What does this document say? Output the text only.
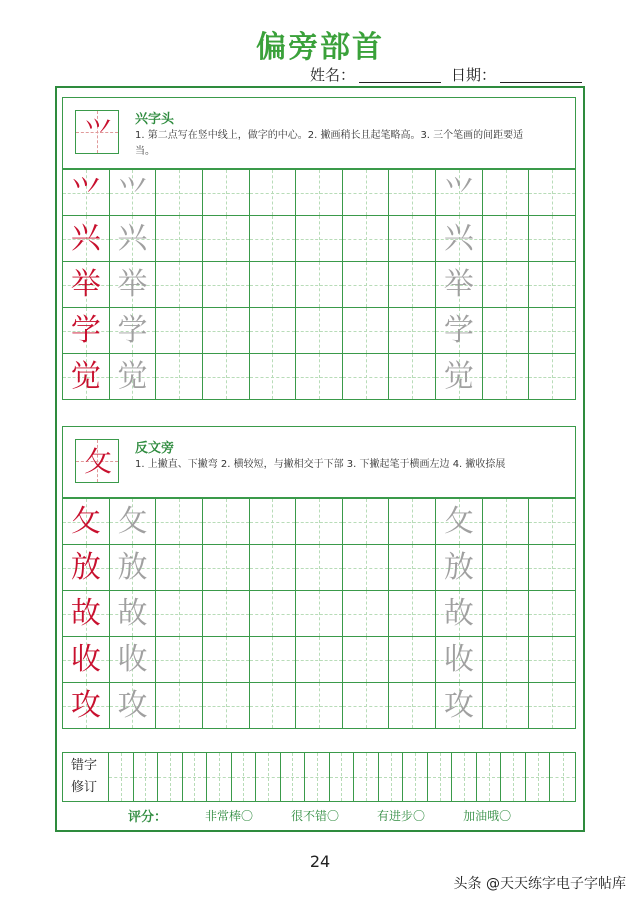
偏旁部首
姓名：	日期：
⺍	兴字头
1. 第二点写在竖中线上，做字的中心。2. 撇画稍长且起笔略高。3. 三个笔画的间距要适当。
⺍ ⺍	⺍
兴 兴	兴
举 举	举
学 学	学
觉 觉	觉
攵	反文旁
1. 上撇直、下撇弯 2. 横较短，与撇相交于下部 3. 下撇起笔于横画左边 4. 撇收捺展
攵 攵	攵
放 放	放
故 故	故
收 收	收
攻 攻	攻
错字
修订
评分：	非常棒〇	很不错〇	有进步〇	加油哦〇
24
头条 @天天练字电子字帖库
